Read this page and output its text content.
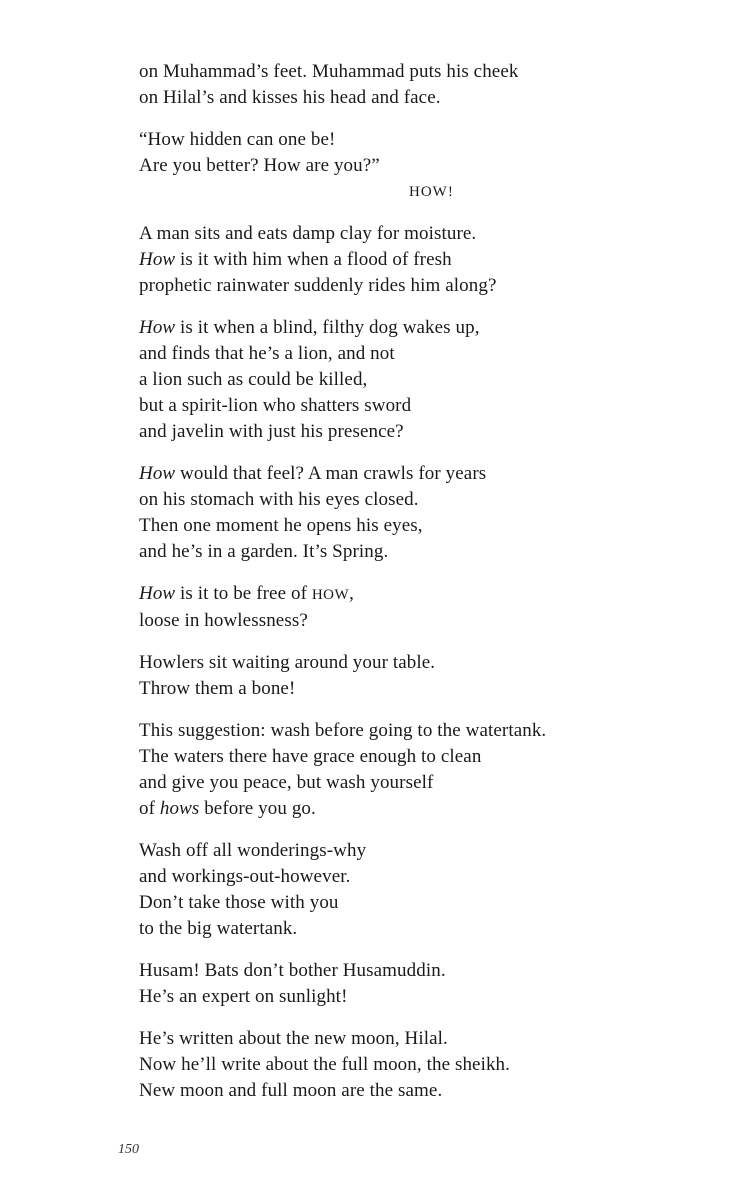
on Muhammad’s feet. Muhammad puts his cheek
on Hilal’s and kisses his head and face.
“How hidden can one be!
Are you better? How are you?”
HOW!
A man sits and eats damp clay for moisture.
How is it with him when a flood of fresh
prophetic rainwater suddenly rides him along?
How is it when a blind, filthy dog wakes up,
and finds that he’s a lion, and not
a lion such as could be killed,
but a spirit-lion who shatters sword
and javelin with just his presence?
How would that feel? A man crawls for years
on his stomach with his eyes closed.
Then one moment he opens his eyes,
and he’s in a garden. It’s Spring.
How is it to be free of HOW,
loose in howlessness?
Howlers sit waiting around your table.
Throw them a bone!
This suggestion: wash before going to the watertank.
The waters there have grace enough to clean
and give you peace, but wash yourself
of hows before you go.
Wash off all wonderings-why
and workings-out-however.
Don’t take those with you
to the big watertank.
Husam! Bats don’t bother Husamuddin.
He’s an expert on sunlight!
He’s written about the new moon, Hilal.
Now he’ll write about the full moon, the sheikh.
New moon and full moon are the same.
150
